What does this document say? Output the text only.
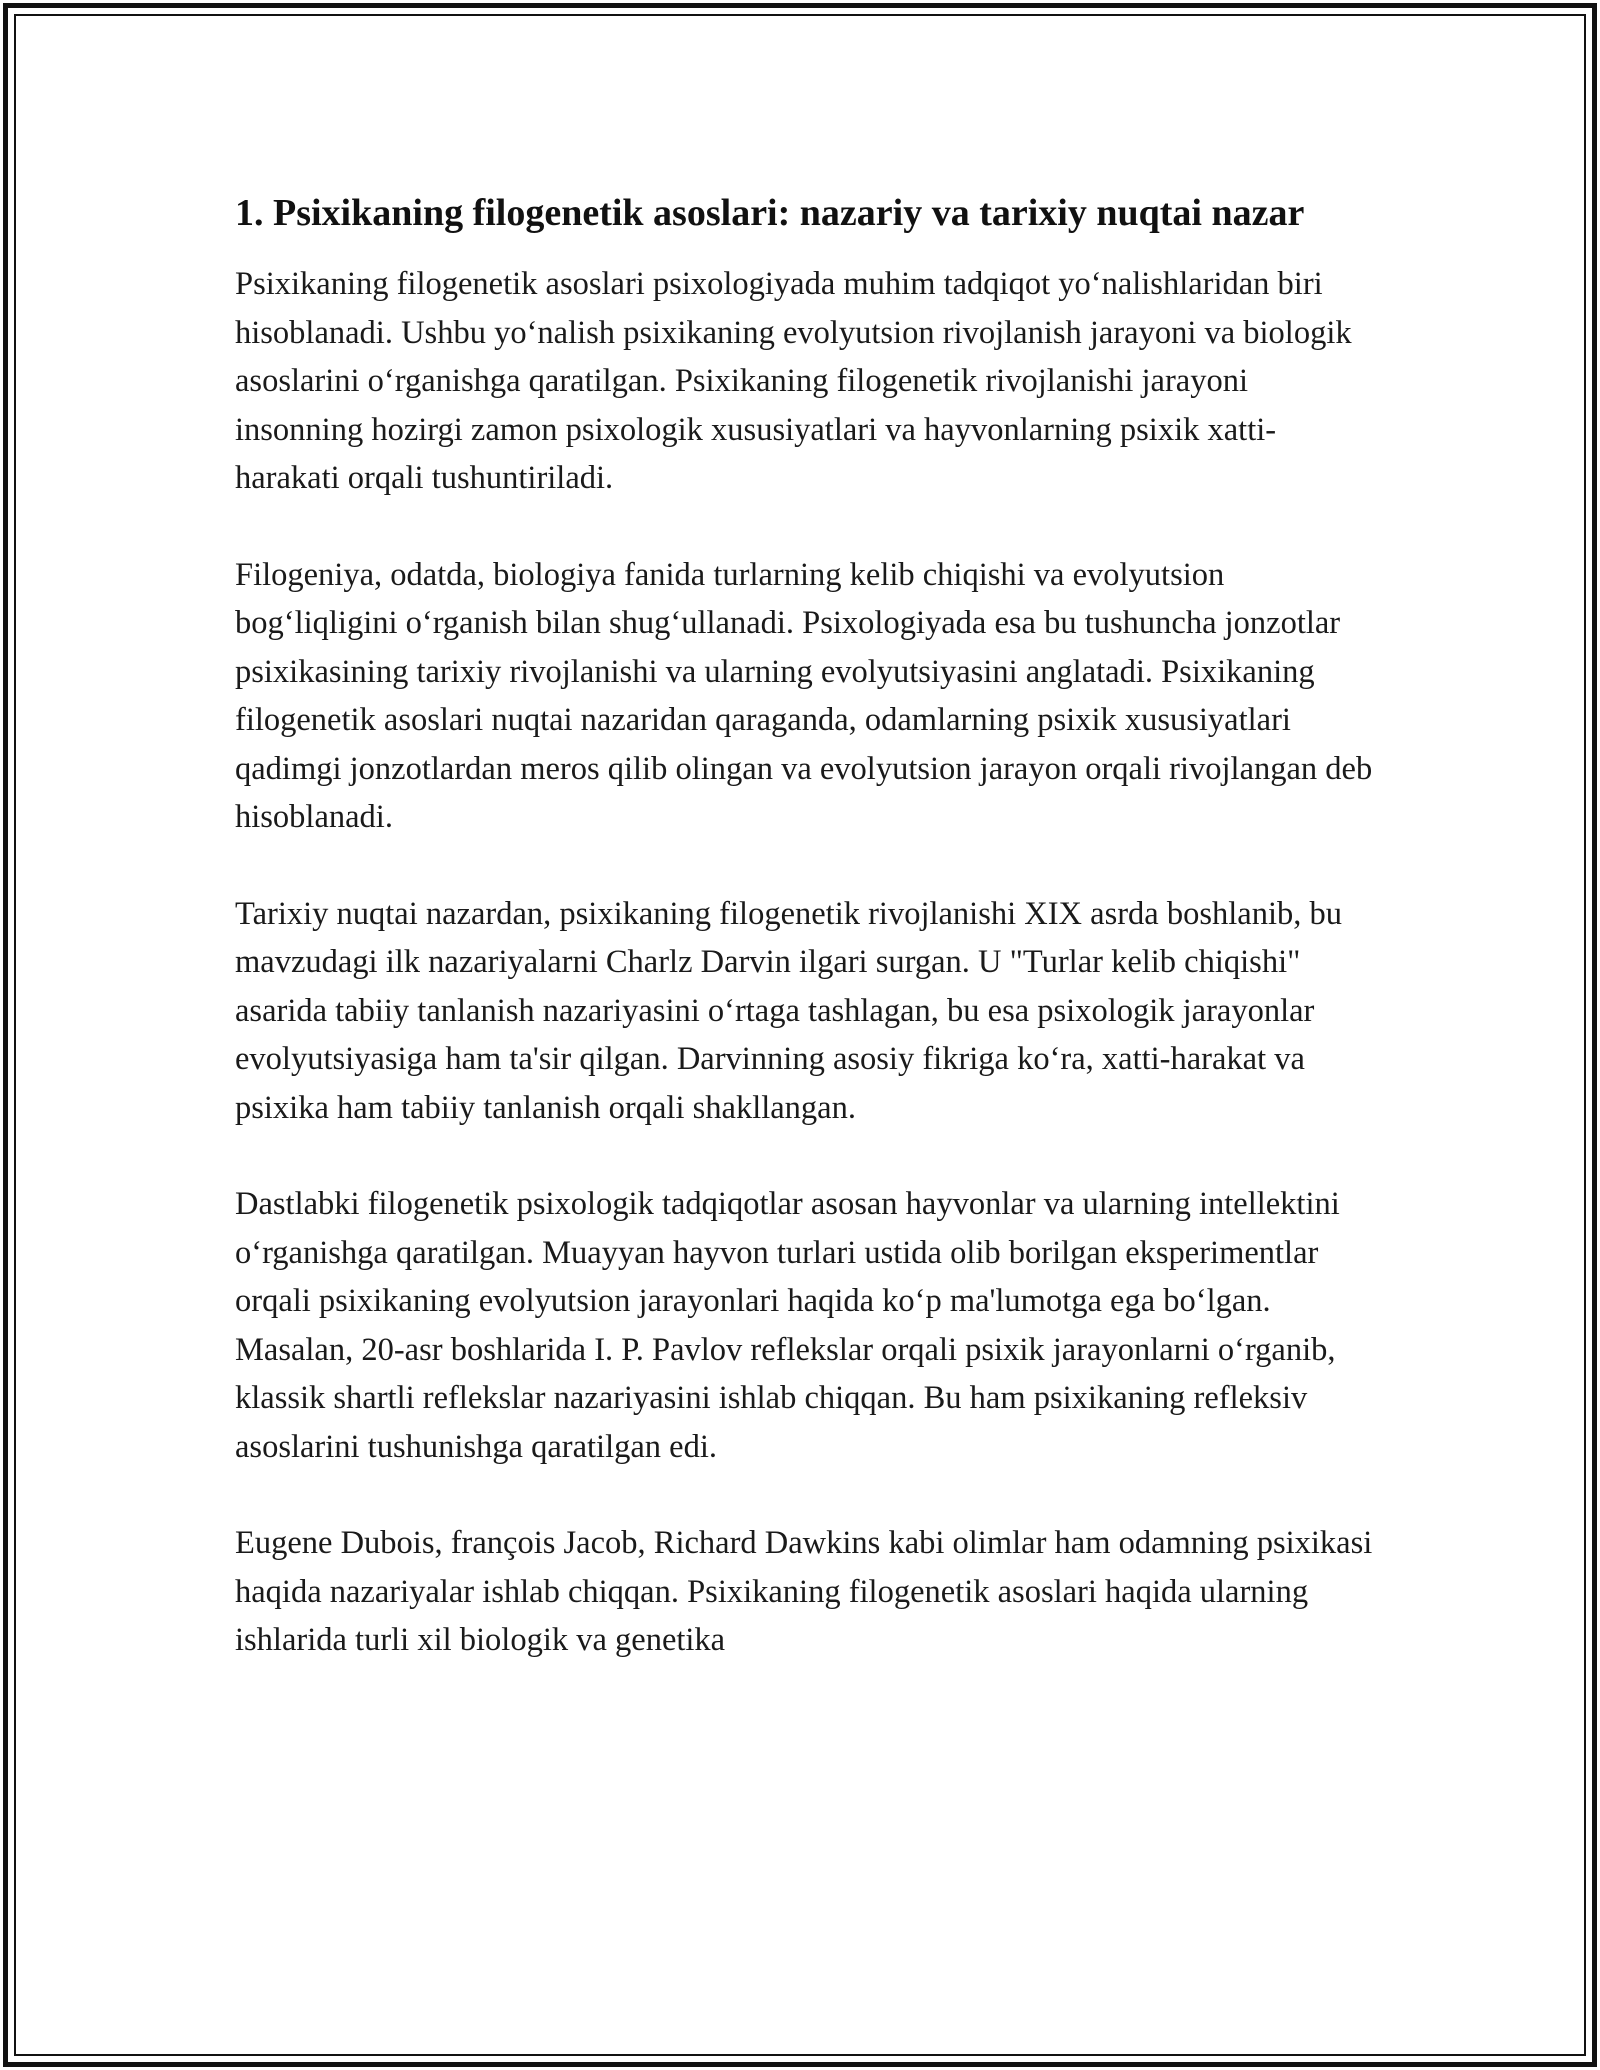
1. Psixikaning filogenetik asoslari: nazariy va tarixiy nuqtai nazar

Psixikaning filogenetik asoslari psixologiyada muhim tadqiqot yo‘nalishlaridan biri hisoblanadi. Ushbu yo‘nalish psixikaning evolyutsion rivojlanish jarayoni va biologik asoslarini o‘rganishga qaratilgan. Psixikaning filogenetik rivojlanishi jarayoni insonning hozirgi zamon psixologik xususiyatlari va hayvonlarning psixik xatti-harakati orqali tushuntiriladi.

Filogeniya, odatda, biologiya fanida turlarning kelib chiqishi va evolyutsion bog‘liqligini o‘rganish bilan shug‘ullanadi. Psixologiyada esa bu tushuncha jonzotlar psixikasining tarixiy rivojlanishi va ularning evolyutsiyasini anglatadi. Psixikaning filogenetik asoslari nuqtai nazaridan qaraganda, odamlarning psixik xususiyatlari qadimgi jonzotlardan meros qilib olingan va evolyutsion jarayon orqali rivojlangan deb hisoblanadi.

Tarixiy nuqtai nazardan, psixikaning filogenetik rivojlanishi XIX asrda boshlanib, bu mavzudagi ilk nazariyalarni Charlz Darvin ilgari surgan. U "Turlar kelib chiqishi" asarida tabiiy tanlanish nazariyasini o‘rtaga tashlagan, bu esa psixologik jarayonlar evolyutsiyasiga ham ta'sir qilgan. Darvinning asosiy fikriga ko‘ra, xatti-harakat va psixika ham tabiiy tanlanish orqali shakllangan.

Dastlabki filogenetik psixologik tadqiqotlar asosan hayvonlar va ularning intellektini o‘rganishga qaratilgan. Muayyan hayvon turlari ustida olib borilgan eksperimentlar orqali psixikaning evolyutsion jarayonlari haqida ko‘p ma'lumotga ega bo‘lgan. Masalan, 20-asr boshlarida I. P. Pavlov reflekslar orqali psixik jarayonlarni o‘rganib, klassik shartli reflekslar nazariyasini ishlab chiqqan. Bu ham psixikaning refleksiv asoslarini tushunishga qaratilgan edi.

Eugene Dubois, françois Jacob, Richard Dawkins kabi olimlar ham odamning psixikasi haqida nazariyalar ishlab chiqqan. Psixikaning filogenetik asoslari haqida ularning ishlarida turli xil biologik va genetika
